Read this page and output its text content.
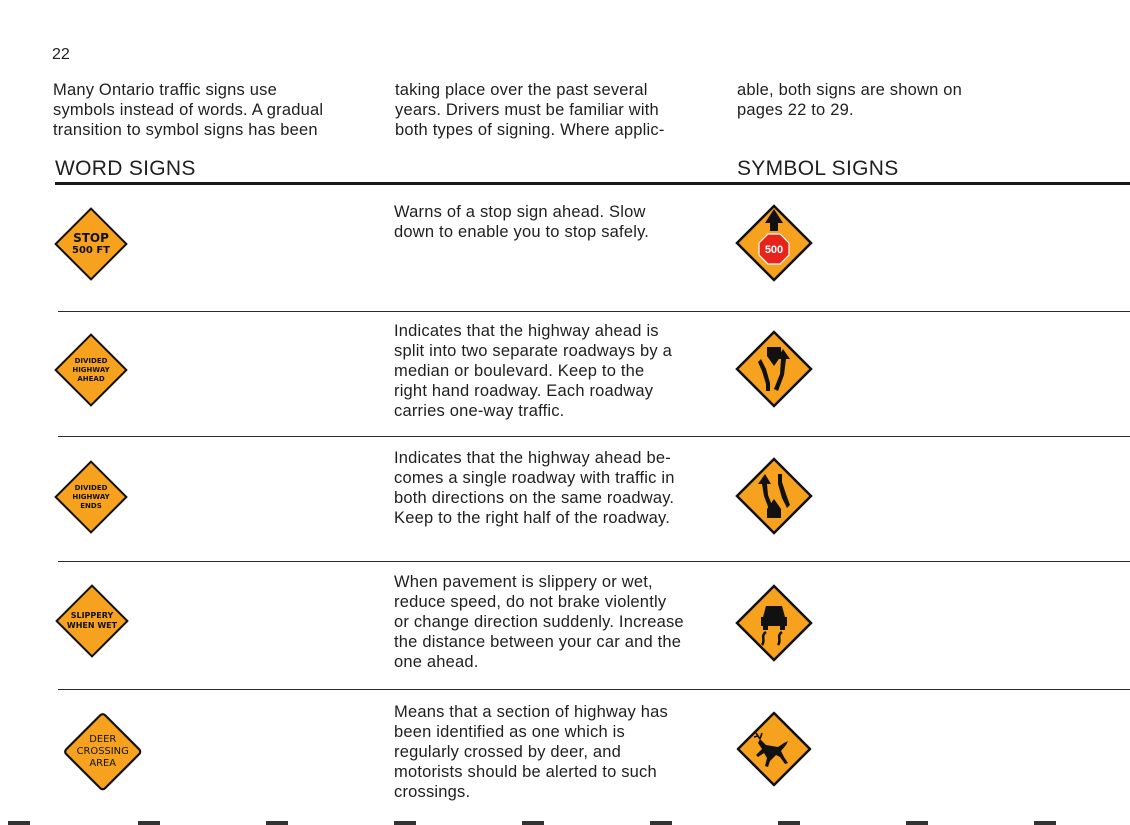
22
Many Ontario traffic signs use
symbols instead of words. A gradual
transition to symbol signs has been
taking place over the past several
years. Drivers must be familiar with
both types of signing. Where applic-
able, both signs are shown on
pages 22 to 29.
WORD SIGNS	SYMBOL SIGNS
STOP
500 FT
Warns of a stop sign ahead. Slow
down to enable you to stop safely.
500
DIVIDED
HIGHWAY
AHEAD
Indicates that the highway ahead is
split into two separate roadways by a
median or boulevard. Keep to the
right hand roadway. Each roadway
carries one-way traffic.
DIVIDED
HIGHWAY
ENDS
Indicates that the highway ahead be-
comes a single roadway with traffic in
both directions on the same roadway.
Keep to the right half of the roadway.
SLIPPERY
WHEN WET
When pavement is slippery or wet,
reduce speed, do not brake violently
or change direction suddenly. Increase
the distance between your car and the
one ahead.
DEER
CROSSING
AREA
Means that a section of highway has
been identified as one which is
regularly crossed by deer, and
motorists should be alerted to such
crossings.
